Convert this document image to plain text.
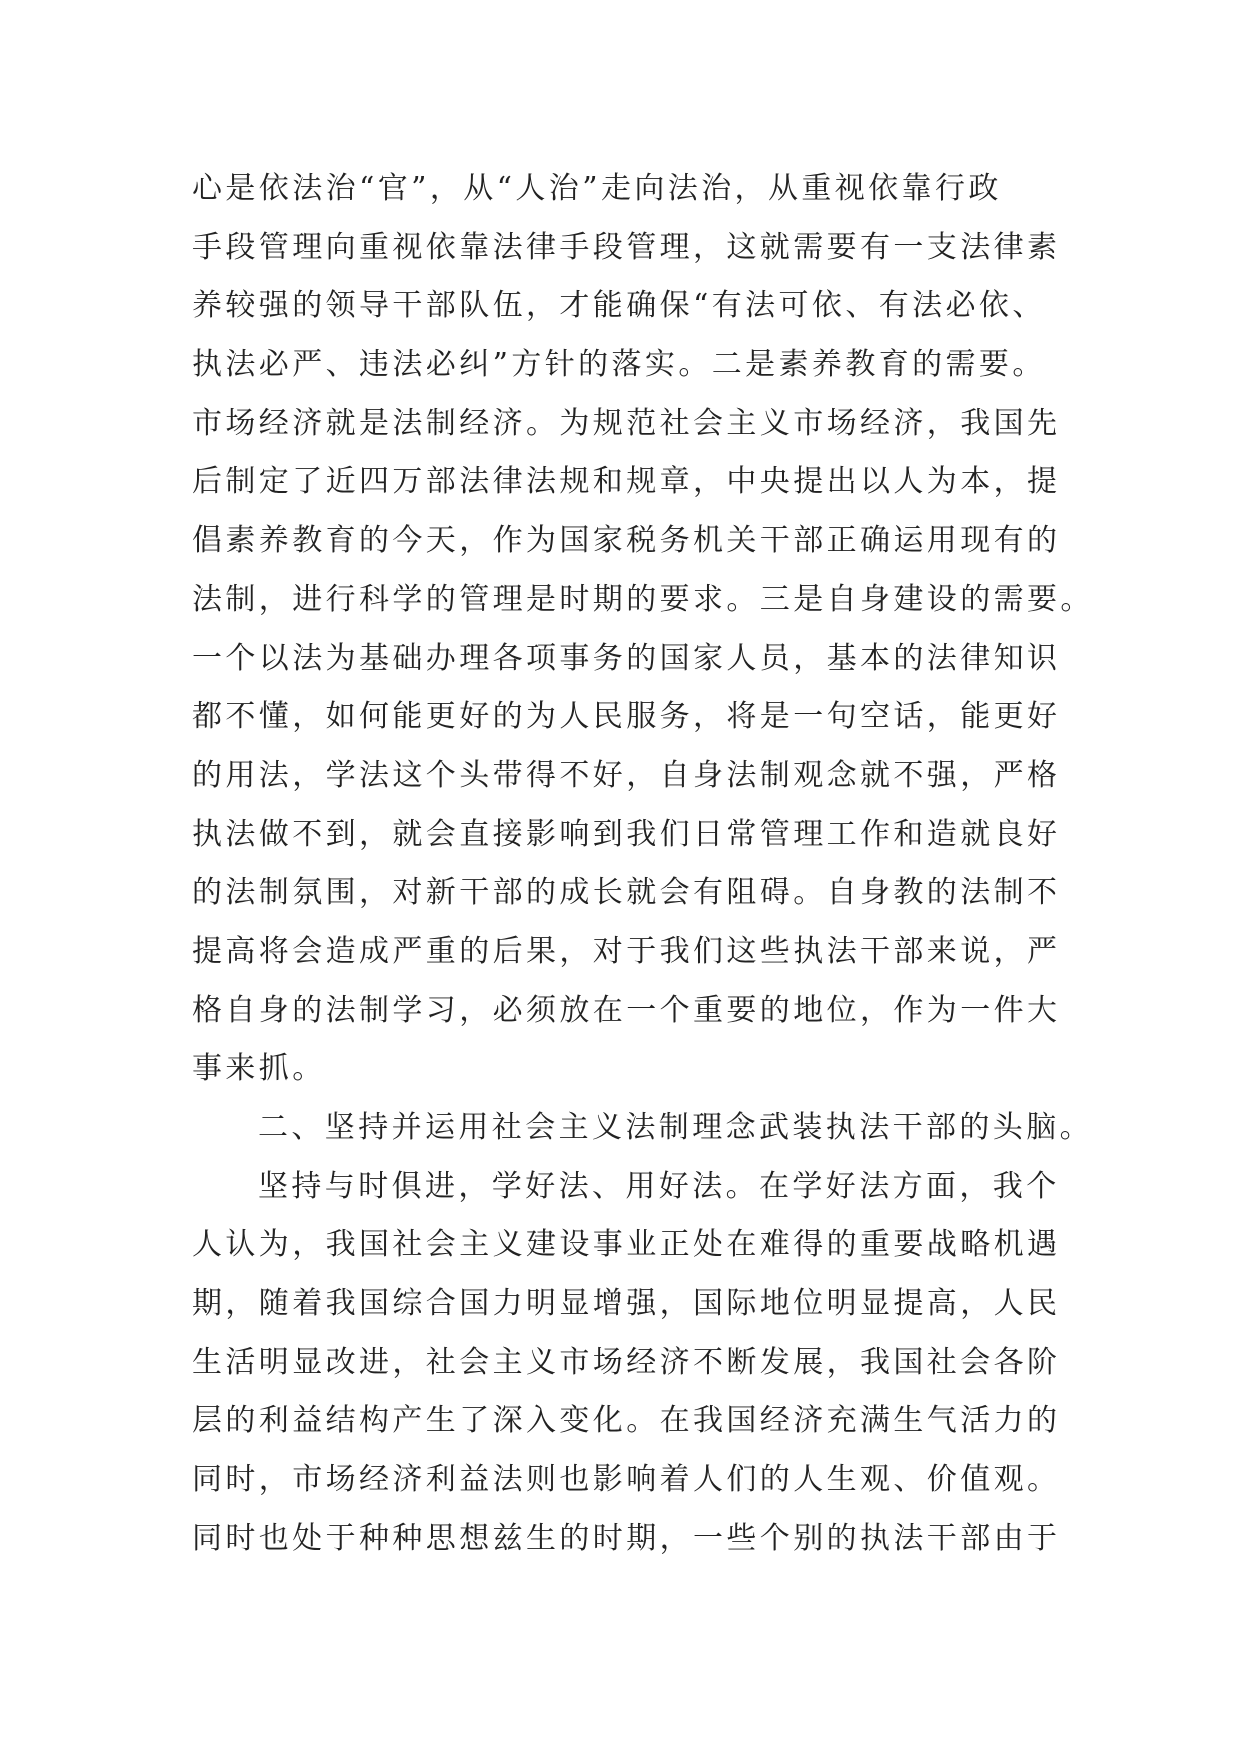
心是依法治“官”，从“人治”走向法治，从重视依靠行政
手段管理向重视依靠法律手段管理，这就需要有一支法律素
养较强的领导干部队伍，才能确保“有法可依、有法必依、
执法必严、违法必纠”方针的落实。二是素养教育的需要。
市场经济就是法制经济。为规范社会主义市场经济，我国先
后制定了近四万部法律法规和规章，中央提出以人为本，提
倡素养教育的今天，作为国家税务机关干部正确运用现有的
法制，进行科学的管理是时期的要求。三是自身建设的需要。
一个以法为基础办理各项事务的国家人员，基本的法律知识
都不懂，如何能更好的为人民服务，将是一句空话，能更好
的用法，学法这个头带得不好，自身法制观念就不强，严格
执法做不到，就会直接影响到我们日常管理工作和造就良好
的法制氛围，对新干部的成长就会有阻碍。自身教的法制不
提高将会造成严重的后果，对于我们这些执法干部来说，严
格自身的法制学习，必须放在一个重要的地位，作为一件大
事来抓。
二、坚持并运用社会主义法制理念武装执法干部的头脑。
坚持与时俱进，学好法、用好法。在学好法方面，我个
人认为，我国社会主义建设事业正处在难得的重要战略机遇
期，随着我国综合国力明显增强，国际地位明显提高，人民
生活明显改进，社会主义市场经济不断发展，我国社会各阶
层的利益结构产生了深入变化。在我国经济充满生气活力的
同时，市场经济利益法则也影响着人们的人生观、价值观。
同时也处于种种思想兹生的时期，一些个别的执法干部由于
